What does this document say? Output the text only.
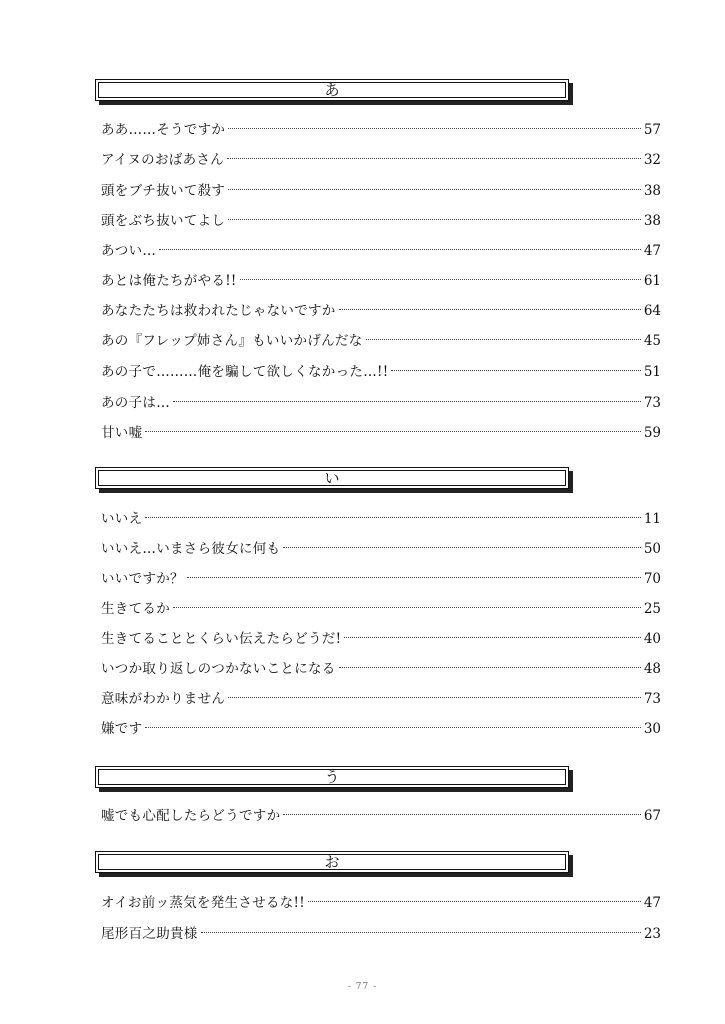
あ
ああ……そうですか	57
アイヌのおばあさん	32
頭をブチ抜いて殺す	38
頭をぶち抜いてよし	38
あつい…	47
あとは俺たちがやる!!	61
あなたたちは救われたじゃないですか	64
あの『フレップ姉さん』もいいかげんだな	45
あの子で………俺を騙して欲しくなかった…!!	51
あの子は…	73
甘い嘘	59
い
いいえ	11
いいえ…いまさら彼女に何も	50
いいですか？	70
生きてるか	25
生きてることとくらい伝えたらどうだ!	40
いつか取り返しのつかないことになる	48
意味がわかりません	73
嫌です	30
う
嘘でも心配したらどうですか	67
お
オイお前ッ蒸気を発生させるな!!	47
尾形百之助貴様	23
- 77 -
